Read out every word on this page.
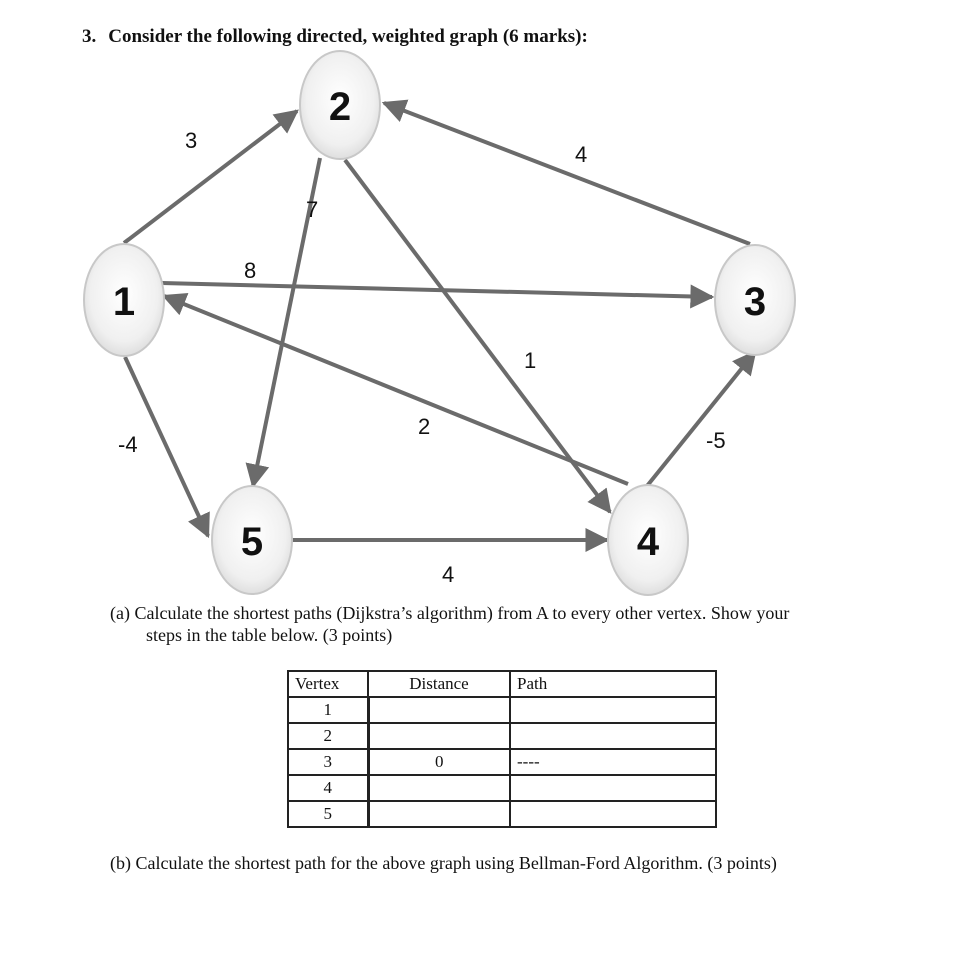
3. Consider the following directed, weighted graph (6 marks):
3
8
-4
7
1
4
2
-5
4
1
2
3
4
5
(a) Calculate the shortest paths (Dijkstra’s algorithm) from A to every other vertex. Show your
steps in the table below. (3 points)
Vertex	Distance	Path
1		
2		
3	0	----
4		
5		
(b) Calculate the shortest path for the above graph using Bellman-Ford Algorithm. (3 points)
